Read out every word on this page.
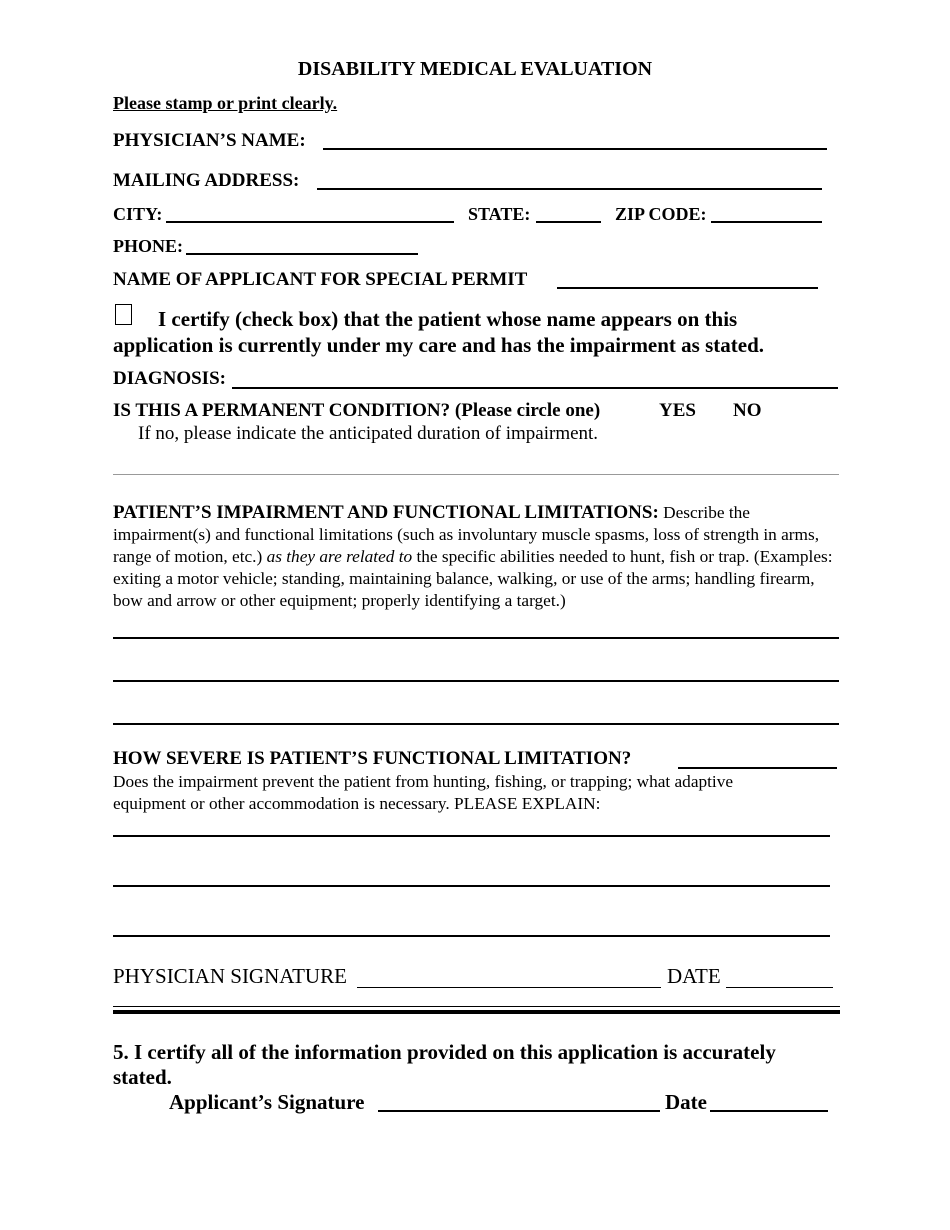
DISABILITY MEDICAL EVALUATION
Please stamp or print clearly.
PHYSICIAN’S NAME:
MAILING ADDRESS:
CITY:	STATE:	ZIP CODE:
PHONE:
NAME OF APPLICANT FOR SPECIAL PERMIT
I certify (check box) that the patient whose name appears on this
application is currently under my care and has the impairment as stated.
DIAGNOSIS:
IS THIS A PERMANENT CONDITION? (Please circle one)	YES NO
If no, please indicate the anticipated duration of impairment.
PATIENT’S IMPAIRMENT AND FUNCTIONAL LIMITATIONS: Describe the impairment(s) and functional limitations (such as involuntary muscle spasms, loss of strength in arms, range of motion, etc.) as they are related to the specific abilities needed to hunt, fish or trap. (Examples: exiting a motor vehicle; standing, maintaining balance, walking, or use of the arms; handling firearm, bow and arrow or other equipment; properly identifying a target.)
HOW SEVERE IS PATIENT’S FUNCTIONAL LIMITATION?
Does the impairment prevent the patient from hunting, fishing, or trapping; what adaptive equipment or other accommodation is necessary. PLEASE EXPLAIN:
PHYSICIAN SIGNATURE	DATE
5. I certify all of the information provided on this application is accurately
stated.
Applicant’s Signature	Date
